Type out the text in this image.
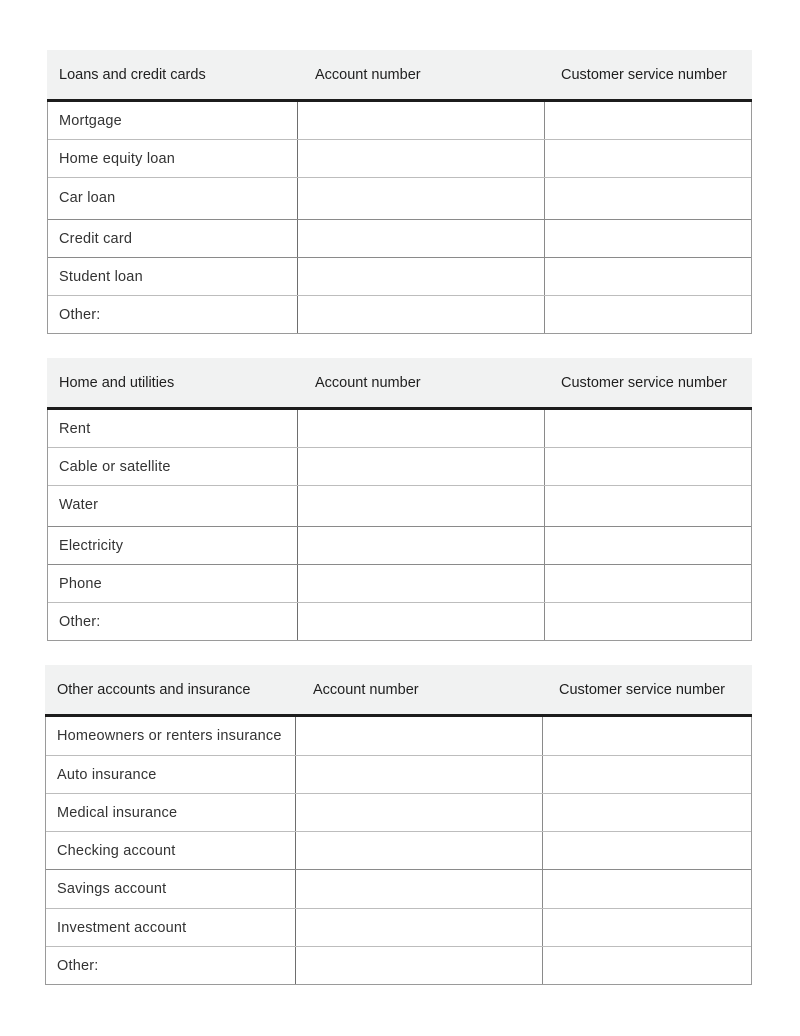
Loans and credit cards	Account number	Customer service number
Mortgage
Home equity loan
Car loan
Credit card
Student loan
Other:
Home and utilities	Account number	Customer service number
Rent
Cable or satellite
Water
Electricity
Phone
Other:
Other accounts and insurance	Account number	Customer service number
Homeowners or renters insurance
Auto insurance
Medical insurance
Checking account
Savings account
Investment account
Other:
